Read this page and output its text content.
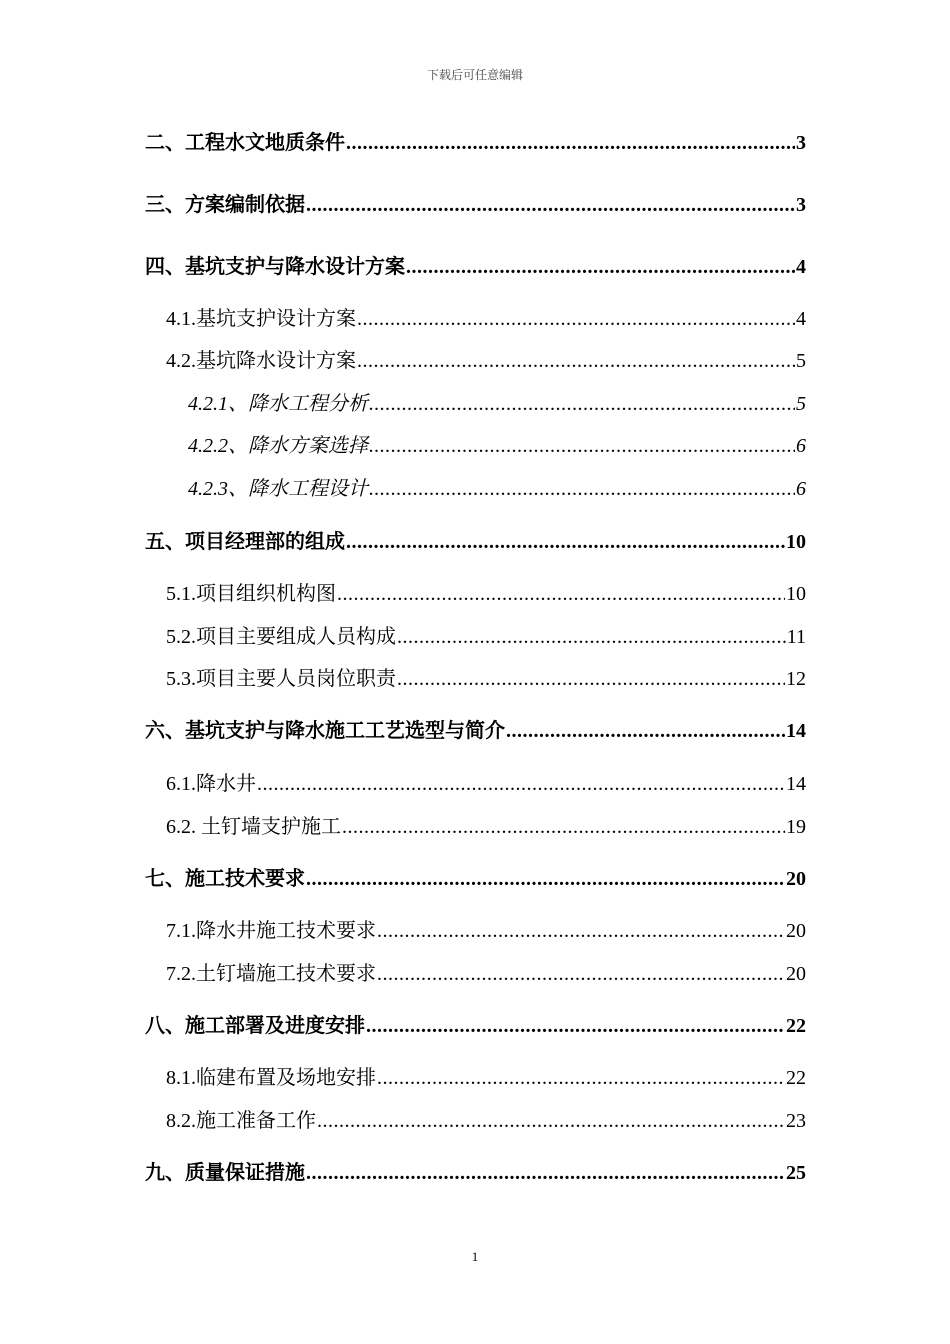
下载后可任意编辑
二、工程水文地质条件 .....	3
三、方案编制依据 .....	3
四、基坑支护与降水设计方案 .....	4
4.1.基坑支护设计方案 .....	4
4.2.基坑降水设计方案 .....	5
4.2.1、降水工程分析 .....	5
4.2.2、降水方案选择 .....	6
4.2.3、降水工程设计 .....	6
五、项目经理部的组成 .....	10
5.1.项目组织机构图 .....	10
5.2.项目主要组成人员构成 .....	11
5.3.项目主要人员岗位职责 .....	12
六、基坑支护与降水施工工艺选型与简介 .....	14
6.1.降水井 .....	14
6.2. 土钉墙支护施工 .....	19
七、施工技术要求 .....	20
7.1.降水井施工技术要求 .....	20
7.2.土钉墙施工技术要求 .....	20
八、施工部署及进度安排 .....	22
8.1.临建布置及场地安排 .....	22
8.2.施工准备工作 .....	23
九、质量保证措施 .....	25
1
